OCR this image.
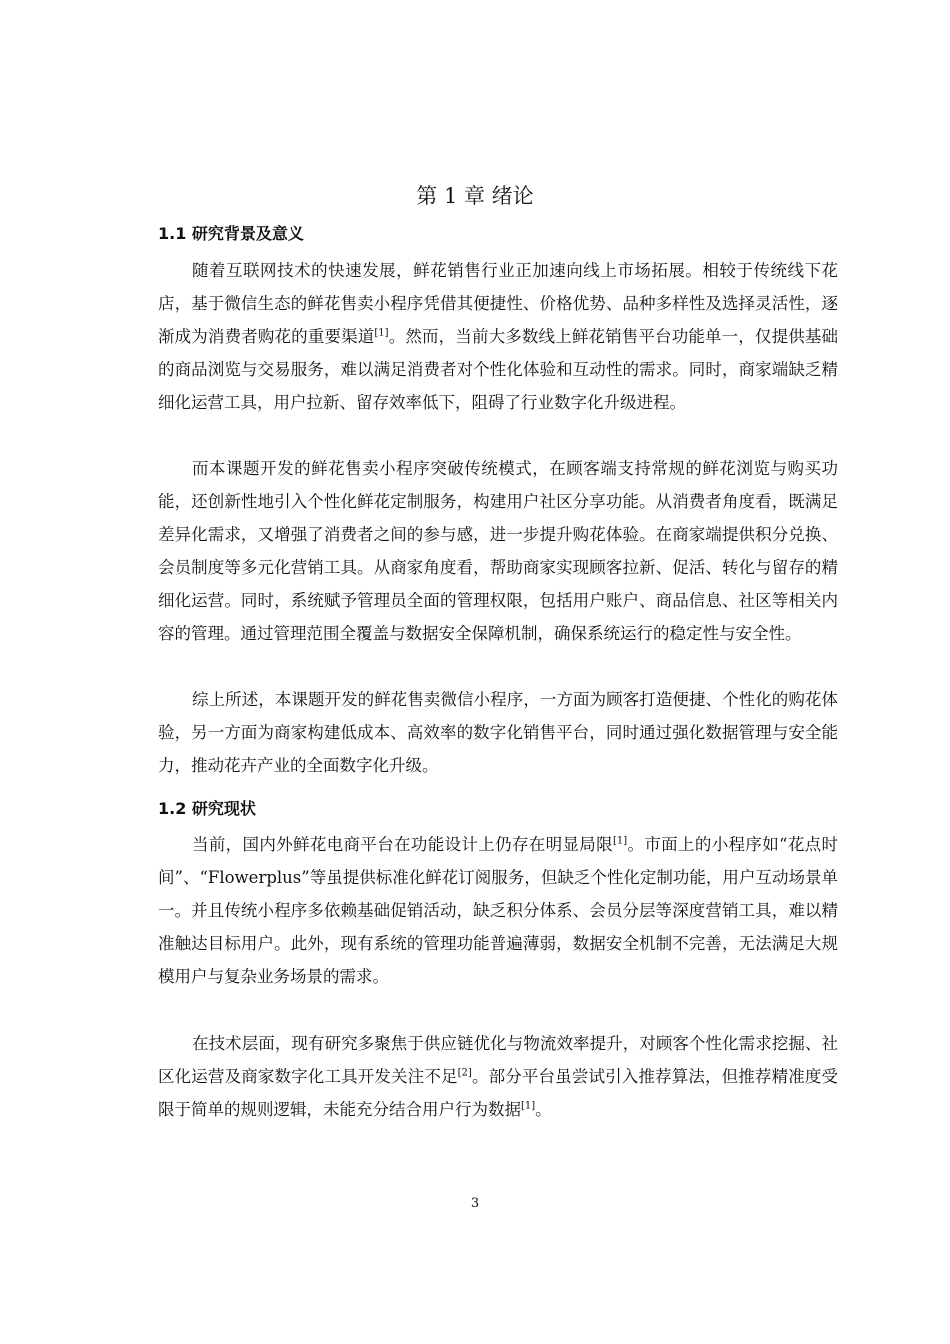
第 1 章 绪论
1.1 研究背景及意义

随着互联网技术的快速发展，鲜花销售行业正加速向线上市场拓展。相较于传统线下花店，基于微信生态的鲜花售卖小程序凭借其便捷性、价格优势、品种多样性及选择灵活性，逐渐成为消费者购花的重要渠道[1]。然而，当前大多数线上鲜花销售平台功能单一，仅提供基础的商品浏览与交易服务，难以满足消费者对个性化体验和互动性的需求。同时，商家端缺乏精细化运营工具，用户拉新、留存效率低下，阻碍了行业数字化升级进程。

而本课题开发的鲜花售卖小程序突破传统模式，在顾客端支持常规的鲜花浏览与购买功能，还创新性地引入个性化鲜花定制服务，构建用户社区分享功能。从消费者角度看，既满足差异化需求，又增强了消费者之间的参与感，进一步提升购花体验。在商家端提供积分兑换、会员制度等多元化营销工具。从商家角度看，帮助商家实现顾客拉新、促活、转化与留存的精细化运营。同时，系统赋予管理员全面的管理权限，包括用户账户、商品信息、社区等相关内容的管理。通过管理范围全覆盖与数据安全保障机制，确保系统运行的稳定性与安全性。

综上所述，本课题开发的鲜花售卖微信小程序，一方面为顾客打造便捷、个性化的购花体验，另一方面为商家构建低成本、高效率的数字化销售平台，同时通过强化数据管理与安全能力，推动花卉产业的全面数字化升级。

1.2 研究现状

当前，国内外鲜花电商平台在功能设计上仍存在明显局限[1]。市面上的小程序如“花点时间”、“Flowerplus”等虽提供标准化鲜花订阅服务，但缺乏个性化定制功能，用户互动场景单一。并且传统小程序多依赖基础促销活动，缺乏积分体系、会员分层等深度营销工具，难以精准触达目标用户。此外，现有系统的管理功能普遍薄弱，数据安全机制不完善，无法满足大规模用户与复杂业务场景的需求。

在技术层面，现有研究多聚焦于供应链优化与物流效率提升，对顾客个性化需求挖掘、社区化运营及商家数字化工具开发关注不足[2]。部分平台虽尝试引入推荐算法，但推荐精准度受限于简单的规则逻辑，未能充分结合用户行为数据[1]。

3
